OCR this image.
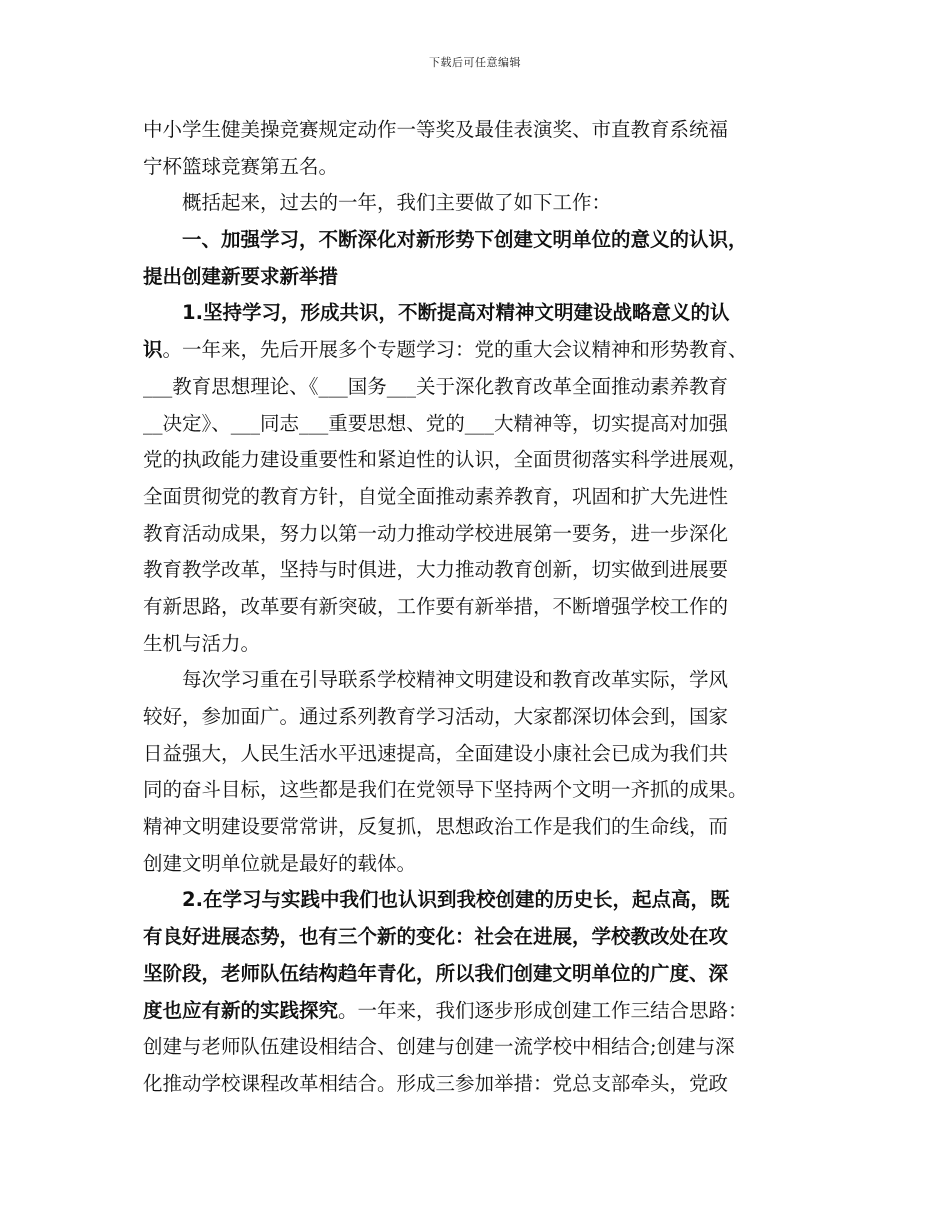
下载后可任意编辑
中小学生健美操竞赛规定动作一等奖及最佳表演奖、市直教育系统福
宁杯篮球竞赛第五名。
概括起来，过去的一年，我们主要做了如下工作：
一、加强学习，不断深化对新形势下创建文明单位的意义的认识，
提出创建新要求新举措
1.坚持学习，形成共识，不断提高对精神文明建设战略意义的认
识。一年来，先后开展多个专题学习：党的重大会议精神和形势教育、
___教育思想理论、《___国务___关于深化教育改革全面推动素养教育
__决定》、___同志___重要思想、党的___大精神等，切实提高对加强
党的执政能力建设重要性和紧迫性的认识，全面贯彻落实科学进展观，
全面贯彻党的教育方针，自觉全面推动素养教育，巩固和扩大先进性
教育活动成果，努力以第一动力推动学校进展第一要务，进一步深化
教育教学改革，坚持与时俱进，大力推动教育创新，切实做到进展要
有新思路，改革要有新突破，工作要有新举措，不断增强学校工作的
生机与活力。
每次学习重在引导联系学校精神文明建设和教育改革实际，学风
较好，参加面广。通过系列教育学习活动，大家都深切体会到，国家
日益强大，人民生活水平迅速提高，全面建设小康社会已成为我们共
同的奋斗目标，这些都是我们在党领导下坚持两个文明一齐抓的成果。
精神文明建设要常常讲，反复抓，思想政治工作是我们的生命线，而
创建文明单位就是最好的载体。
2.在学习与实践中我们也认识到我校创建的历史长，起点高，既
有良好进展态势，也有三个新的变化：社会在进展，学校教改处在攻
坚阶段，老师队伍结构趋年青化，所以我们创建文明单位的广度、深
度也应有新的实践探究。一年来，我们逐步形成创建工作三结合思路：
创建与老师队伍建设相结合、创建与创建一流学校中相结合;创建与深
化推动学校课程改革相结合。形成三参加举措：党总支部牵头，党政
